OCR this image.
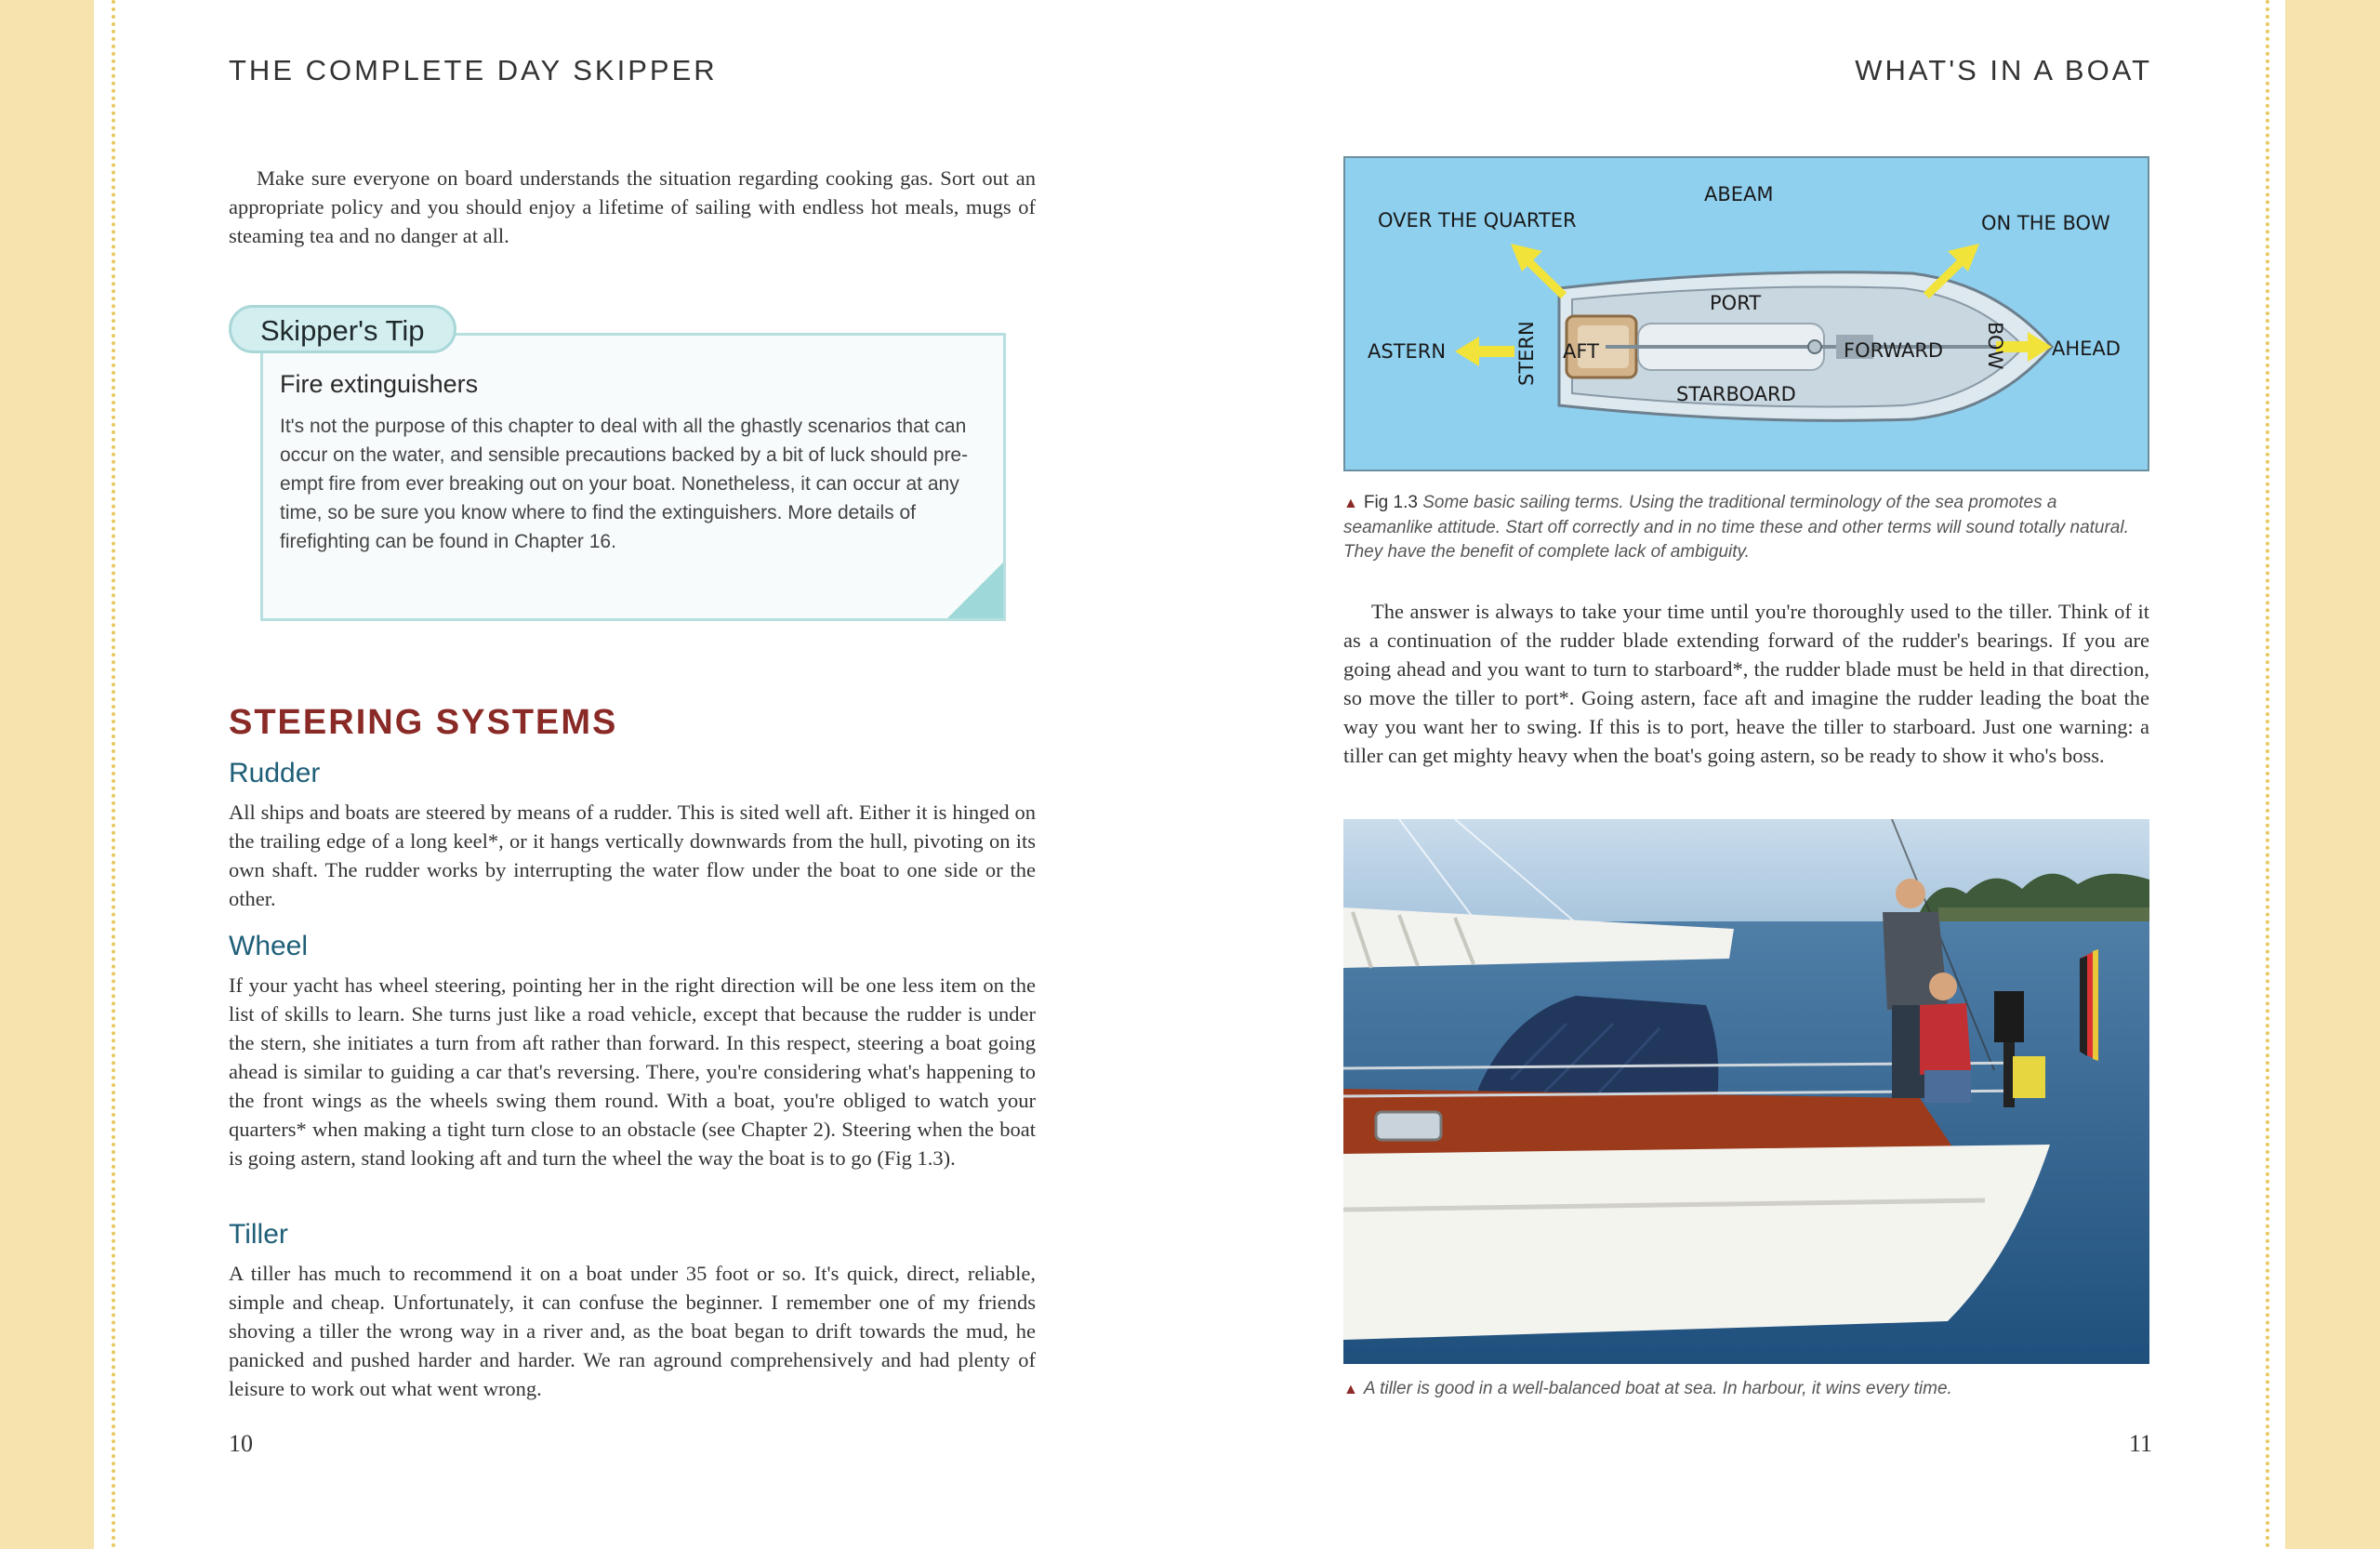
THE COMPLETE DAY SKIPPER
Make sure everyone on board understands the situation regarding cooking gas. Sort out an appropriate policy and you should enjoy a lifetime of sailing with endless hot meals, mugs of steaming tea and no danger at all.
Skipper's Tip
Fire extinguishers
It's not the purpose of this chapter to deal with all the ghastly scenarios that can occur on the water, and sensible precautions backed by a bit of luck should pre-empt fire from ever breaking out on your boat. Nonetheless, it can occur at any time, so be sure you know where to find the extinguishers. More details of firefighting can be found in Chapter 16.
STEERING SYSTEMS
Rudder
All ships and boats are steered by means of a rudder. This is sited well aft. Either it is hinged on the trailing edge of a long keel*, or it hangs vertically downwards from the hull, pivoting on its own shaft. The rudder works by interrupting the water flow under the boat to one side or the other.
Wheel
If your yacht has wheel steering, pointing her in the right direction will be one less item on the list of skills to learn. She turns just like a road vehicle, except that because the rudder is under the stern, she initiates a turn from aft rather than forward. In this respect, steering a boat going ahead is similar to guiding a car that's reversing. There, you're considering what's happening to the front wings as the wheels swing them round. With a boat, you're obliged to watch your quarters* when making a tight turn close to an obstacle (see Chapter 2). Steering when the boat is going astern, stand looking aft and turn the wheel the way the boat is to go (Fig 1.3).
Tiller
A tiller has much to recommend it on a boat under 35 foot or so. It's quick, direct, reliable, simple and cheap. Unfortunately, it can confuse the beginner. I remember one of my friends shoving a tiller the wrong way in a river and, as the boat began to drift towards the mud, he panicked and pushed harder and harder. We ran aground comprehensively and had plenty of leisure to work out what went wrong.
10
WHAT'S IN A BOAT
ABEAM
OVER THE QUARTER	ON THE BOW
PORT
ASTERN	STERN AFT	FORWARD BOW AHEAD
STARBOARD
▲ Fig 1.3 Some basic sailing terms. Using the traditional terminology of the sea promotes a seamanlike attitude. Start off correctly and in no time these and other terms will sound totally natural. They have the benefit of complete lack of ambiguity.
The answer is always to take your time until you're thoroughly used to the tiller. Think of it as a continuation of the rudder blade extending forward of the rudder's bearings. If you are going ahead and you want to turn to starboard*, the rudder blade must be held in that direction, so move the tiller to port*. Going astern, face aft and imagine the rudder leading the boat the way you want her to swing. If this is to port, heave the tiller to starboard. Just one warning: a tiller can get mighty heavy when the boat's going astern, so be ready to show it who's boss.
▲ A tiller is good in a well-balanced boat at sea. In harbour, it wins every time.
11
